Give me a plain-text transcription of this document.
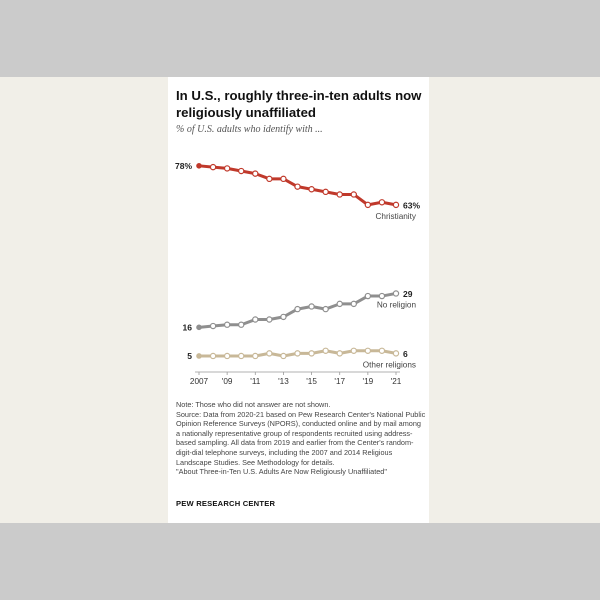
In U.S., roughly three-in-ten adults now religiously unaffiliated
% of U.S. adults who identify with ...
2007 '09 '11 '13 '15 '17 '19 '21
78%
63%
Christianity
16
29
No religion
5	6
Other religions
Note: Those who did not answer are not shown.
Source: Data from 2020-21 based on Pew Research Center's National Public Opinion Reference Surveys (NPORS), conducted online and by mail among a nationally representative group of respondents recruited using address-based sampling. All data from 2019 and earlier from the Center's random-digit-dial telephone surveys, including the 2007 and 2014 Religious Landscape Studies. See Methodology for details.
"About Three-in-Ten U.S. Adults Are Now Religiously Unaffiliated"
PEW RESEARCH CENTER
